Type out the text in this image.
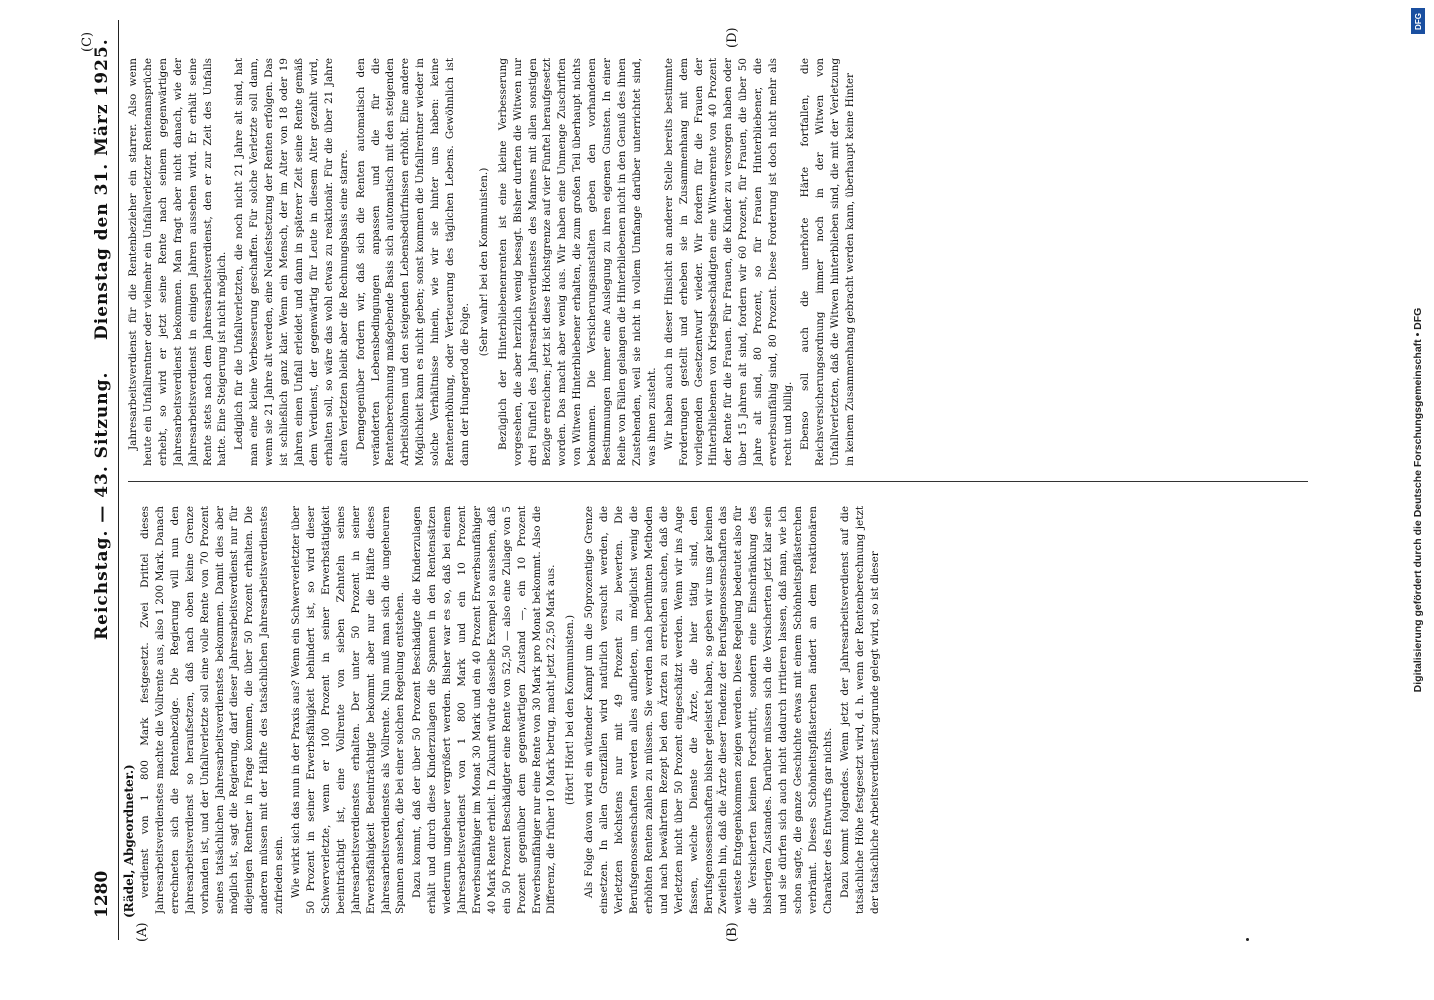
1280
Reichstag. — 43. Sitzung.
Dienstag den 31. März 1925.
(Rädel, Abgeordneter.)
(A)	(B)
(C)	(D)

verdienst von 1 800 Mark festgesetzt. Zwei Drittel dieses Jahresarbeitsverdienstes machte die Vollrente aus, also 1 200 Mark. Danach errechneten sich die Rentenbezüge. Die Regierung will nun den Jahresarbeitsverdienst so heraufsetzen, daß nach oben keine Grenze vorhanden ist, und der Unfallverletzte soll eine volle Rente von 70 Prozent seines tatsächlichen Jahresarbeitsverdienstes bekommen. Damit dies aber möglich ist, sagt die Regierung, darf dieser Jahresarbeitsverdienst nur für diejenigen Rentner in Frage kommen, die über 50 Prozent erhalten. Die anderen müssen mit der Hälfte des tatsächlichen Jahresarbeitsverdienstes zufrieden sein. Wie wirkt sich das nun in der Praxis aus? Wenn ein Schwerverletzter über 50 Prozent in seiner Erwerbsfähigkeit behindert ist, so wird dieser Schwerverletzte, wenn er 100 Prozent in seiner Erwerbstätigkeit beeinträchtigt ist, eine Vollrente von sieben Zehnteln seines Jahresarbeitsverdienstes erhalten. Der unter 50 Prozent in seiner Erwerbsfähigkeit Beeinträchtigte bekommt aber nur die Hälfte dieses Jahresarbeitsverdienstes als Vollrente. Nun muß man sich die ungeheuren Spannen ansehen, die bei einer solchen Regelung entstehen. Dazu kommt, daß der über 50 Prozent Beschädigte die Kinderzulagen erhält und durch diese Kinderzulagen die Spannen in den Rentensätzen wiederum ungeheuer vergrößert werden. Bisher war es so, daß bei einem Jahresarbeitsverdienst von 1 800 Mark und ein 10 Prozent Erwerbsunfähiger im Monat 30 Mark und ein 40 Prozent Erwerbsunfähiger 40 Mark Rente erhielt. In Zukunft würde dasselbe Exempel so aussehen, daß ein 50 Prozent Beschädigter eine Rente von 52,50 — also eine Zulage von 5 Prozent gegenüber dem gegenwärtigen Zustand —, ein 10 Prozent Erwerbsunfähiger nur eine Rente von 30 Mark pro Monat bekommt. Also die Differenz, die früher 10 Mark betrug, macht jetzt 22,50 Mark aus. (Hört! Hört! bei den Kommunisten.) Als Folge davon wird ein wütender Kampf um die 50prozentige Grenze einsetzen. In allen Grenzfällen wird natürlich versucht werden, die Verletzten höchstens nur mit 49 Prozent zu bewerten. Die Berufsgenossenschaften werden alles aufbieten, um möglichst wenig die erhöhten Renten zahlen zu müssen. Sie werden nach berühmten Methoden und nach bewährtem Rezept bei den Ärzten zu erreichen suchen, daß die Verletzten nicht über 50 Prozent eingeschätzt werden. Wenn wir ins Auge fassen, welche Dienste die Ärzte, die hier tätig sind, den Berufsgenossenschaften bisher geleistet haben, so geben wir uns gar keinen Zweifeln hin, daß die Ärzte dieser Tendenz der Berufsgenossenschaften das weiteste Entgegenkommen zeigen werden. Diese Regelung bedeutet also für die Versicherten keinen Fortschritt, sondern eine Einschränkung des bisherigen Zustandes. Darüber müssen sich die Versicherten jetzt klar sein und sie dürfen sich auch nicht dadurch irritieren lassen, daß man, wie ich schon sagte, die ganze Geschichte etwas mit einem Schönheitspflästerchen verbrämt. Dieses Schönheitspflästerchen ändert an dem reaktionären Charakter des Entwurfs gar nichts. Dazu kommt folgendes. Wenn jetzt der Jahresarbeitsverdienst auf die tatsächliche Höhe festgesetzt wird, d. h. wenn der Rentenberechnung jetzt der tatsächliche Arbeitsverdienst zugrunde gelegt wird, so ist dieser

Jahresarbeitsverdienst für die Rentenbezieher ein starrer. Also wenn heute ein Unfallrentner oder vielmehr ein Unfallverletzter Rentenansprüche erhebt, so wird er jetzt seine Rente nach seinem gegenwärtigen Jahresarbeitsverdienst bekommen. Man fragt aber nicht danach, wie der Jahresarbeitsverdienst in einigen Jahren aussehen wird. Er erhält seine Rente stets nach dem Jahresarbeitsverdienst, den er zur Zeit des Unfalls hatte. Eine Steigerung ist nicht möglich. Lediglich für die Unfallverletzten, die noch nicht 21 Jahre alt sind, hat man eine kleine Verbesserung geschaffen. Für solche Verletzte soll dann, wenn sie 21 Jahre alt werden, eine Neufestsetzung der Renten erfolgen. Das ist schließlich ganz klar. Wenn ein Mensch, der im Alter von 18 oder 19 Jahren einen Unfall erleidet und dann in späterer Zeit seine Rente gemäß dem Verdienst, der gegenwärtig für Leute in diesem Alter gezahlt wird, erhalten soll, so wäre das wohl etwas zu reaktionär. Für die über 21 Jahre alten Verletzten bleibt aber die Rechnungsbasis eine starre. Demgegenüber fordern wir, daß sich die Renten automatisch den veränderten Lebensbedingungen anpassen und die für die Rentenberechnung maßgebende Basis sich automatisch mit den steigenden Arbeitslöhnen und den steigenden Lebensbedürfnissen erhöht. Eine andere Möglichkeit kann es nicht geben; sonst kommen die Unfallrentner wieder in solche Verhältnisse hinein, wie wir sie hinter uns haben: keine Rentenerhöhung, oder Verteuerung des täglichen Lebens. Gewöhnlich ist dann der Hungertod die Folge.

(Sehr wahr! bei den Kommunisten.) Bezüglich der Hinterbliebenenrenten ist eine kleine Verbesserung vorgesehen, die aber herzlich wenig besagt. Bisher durften die Witwen nur drei Fünftel des Jahresarbeitsverdienstes des Mannes mit allen sonstigen Bezüge erreichen; jetzt ist diese Höchstgrenze auf vier Fünftel heraufgesetzt worden. Das macht aber wenig aus. Wir haben eine Unmenge Zuschriften von Witwen Hinterbliebener erhalten, die zum großen Teil überhaupt nichts bekommen. Die Versicherungsanstalten geben den vorhandenen Bestimmungen immer eine Auslegung zu ihren eigenen Gunsten. In einer Reihe von Fällen gelangen die Hinterbliebenen nicht in den Genuß des ihnen Zustehenden, weil sie nicht in vollem Umfange darüber unterrichtet sind, was ihnen zusteht. Wir haben auch in dieser Hinsicht an anderer Stelle bereits bestimmte Forderungen gestellt und erheben sie in Zusammenhang mit dem vorliegenden Gesetzentwurf wieder. Wir fordern für die Frauen der Hinterbliebenen von Kriegsbeschädigten eine Witwenrente von 40 Prozent der Rente für die Frauen. Für Frauen, die Kinder zu versorgen haben oder über 15 Jahren alt sind, fordern wir 60 Prozent, für Frauen, die über 50 Jahre alt sind, 80 Prozent, so für Frauen Hinterbliebener, die erwerbsunfähig sind, 80 Prozent. Diese Forderung ist doch nicht mehr als recht und billig. Ebenso soll auch die unerhörte Härte fortfallen, die Reichsversicherungsordnung immer noch in der Witwen von Unfallverletzten, daß die Witwen hinterblieben sind, die mit der Verletzung in keinem Zusammenhang gebracht werden kann, überhaupt keine Hinter

DFG
Digitalisierung gefördert durch die Deutsche Forschungsgemeinschaft • DFG
